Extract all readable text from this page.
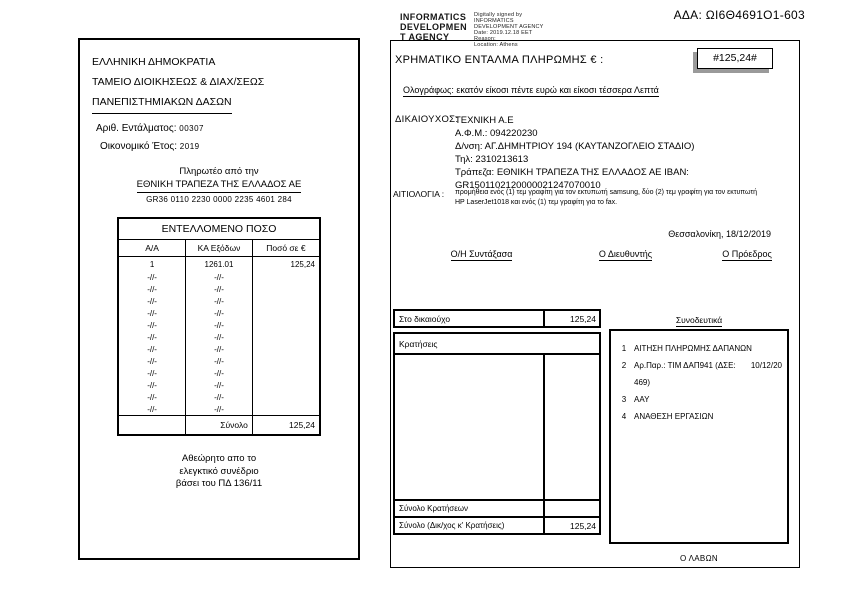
ΑΔΑ: ΩΙ6Θ4691Ο1-603
INFORMATICS
DEVELOPMEN
T AGENCY
Digitally signed by
INFORMATICS
DEVELOPMENT AGENCY
Date: 2019.12.18 EET
Reason:
Location: Athens
ΕΛΛΗΝΙΚΗ ΔΗΜΟΚΡΑΤΙΑ
ΤΑΜΕΙΟ ΔΙΟΙΚΗΣΕΩΣ & ΔΙΑΧ/ΣΕΩΣ
ΠΑΝΕΠΙΣΤΗΜΙΑΚΩΝ ΔΑΣΩΝ
Αριθ. Εντάλματος: 00307
Οικονομικό Έτος: 2019
Πληρωτέο από την
ΕΘΝΙΚΗ ΤΡΑΠΕΖΑ ΤΗΣ ΕΛΛΑΔΟΣ ΑΕ
GR36 0110 2230 0000 2235 4601 284
ΕΝΤΕΛΛΟΜΕΝΟ ΠΟΣΟ		
Α/Α	ΚΑ Εξόδων	Ποσό σε €
1	1261.01	125,24
-//-	-//-	
-//-	-//-	
-//-	-//-	
-//-	-//-	
-//-	-//-	
-//-	-//-	
-//-	-//-	
-//-	-//-	
-//-	-//-	
-//-	-//-	
-//-	-//-	
-//-	-//-	
	Σύνολο	125,24
Αθεώρητο απο το
ελεγκτικό συνέδριο
βάσει του ΠΔ 136/11
ΧΡΗΜΑΤΙΚΟ ΕΝΤΑΛΜΑ ΠΛΗΡΩΜΗΣ € :	#125,24#
Ολογράφως: εκατόν είκοσι πέντε ευρώ και είκοσι τέσσερα Λεπτά
ΔΙΚΑΙΟΥΧΟΣ:
ΤΕΧΝΙΚΗ Α.Ε
Α.Φ.Μ.: 094220230
Δ/νση: ΑΓ.ΔΗΜΗΤΡΙΟΥ 194 (ΚΑΥΤΑΝΖΟΓΛΕΙΟ ΣΤΑΔΙΟ)
Τηλ: 2310213613
Τράπεζα: ΕΘΝΙΚΗ ΤΡΑΠΕΖΑ ΤΗΣ ΕΛΛΑΔΟΣ ΑΕ ΙΒΑΝ:
GR1501102120000021247070010
ΑΙΤΙΟΛΟΓΙΑ : προμήθεια ενός (1) τεμ γραφίτη για τον εκτυπωτή samsung, δύο (2) τεμ γραφίτη για τον εκτυπωτή
HP LaserJet1018 και ενός (1) τεμ γραφίτη για το fax.
Θεσσαλονίκη, 18/12/2019
Ο/Η Συντάξασα	Ο Διευθυντής	Ο Πρόεδρος
Στο δικαιούχο	125,24
Κρατήσεις
Σύνολο Κρατήσεων
Σύνολο (Δικ/χος κ' Κρατήσεις)	125,24
Συνοδευτικά
1 ΑΙΤΗΣΗ ΠΛΗΡΩΜΗΣ ΔΑΠΑΝΩΝ
2 Αρ.Παρ.: ΤΙΜ ΔΑΠ941 (ΔΣΕ: 469)
10/12/20
3 ΑΑΥ
4 ΑΝΑΘΕΣΗ ΕΡΓΑΣΙΩΝ
Ο ΛΑΒΩΝ
